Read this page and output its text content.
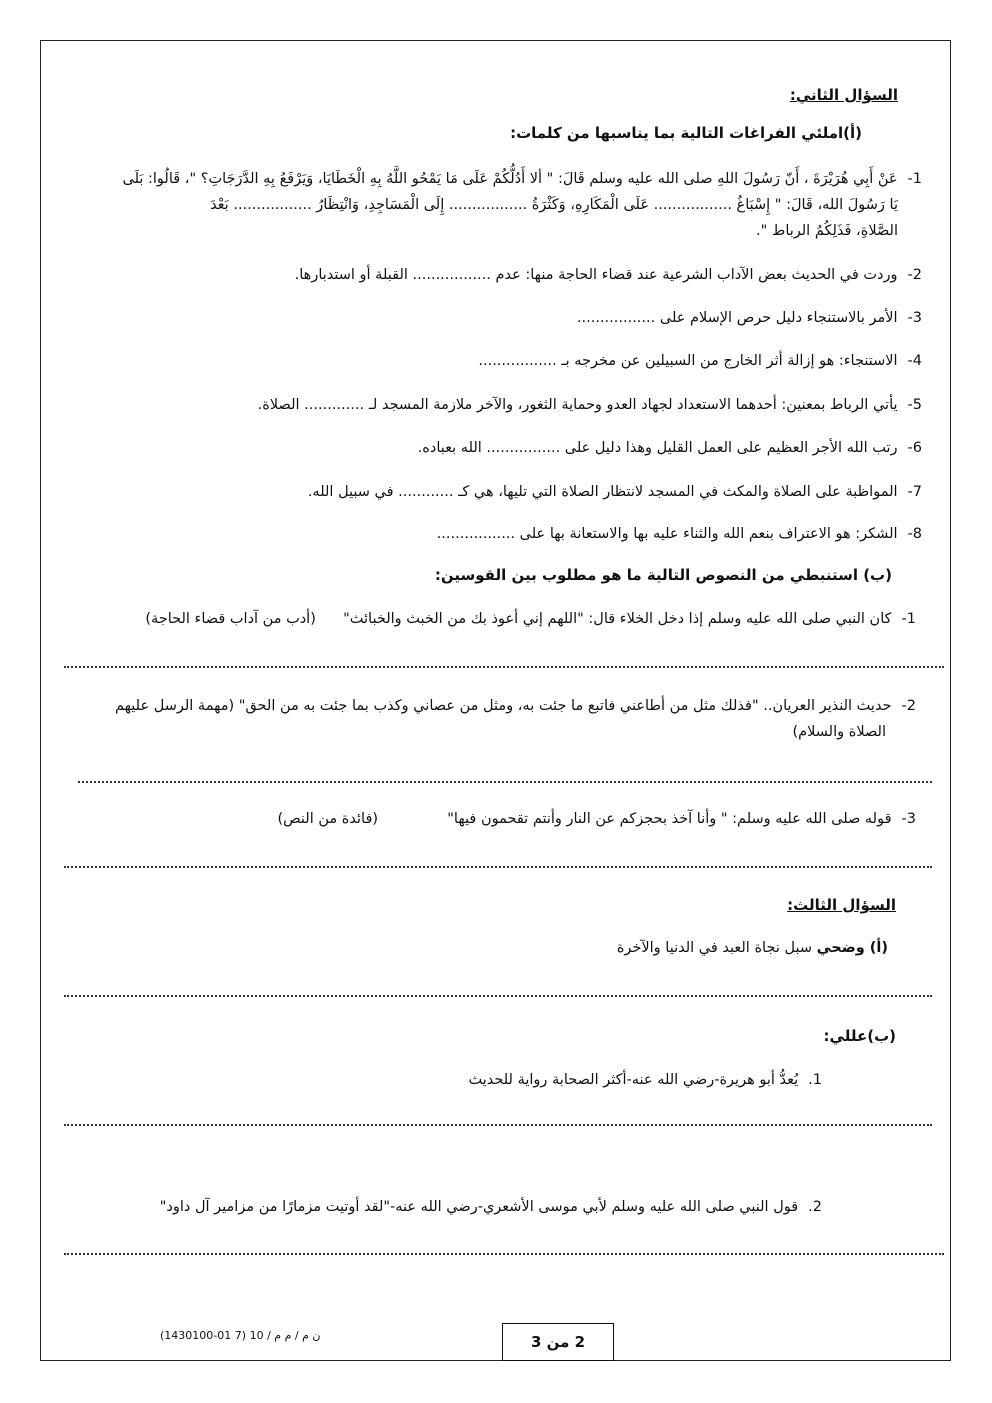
السؤال الثاني:
(أ)املئي الفراغات التالية بما يناسبها من كلمات:
1-عَنْ أَبِي هُرَيْرَةَ ، أَنّ رَسُولَ اللهِ صلى الله عليه وسلم قَالَ: " ألا أَدُلُّكُمْ عَلَى مَا يَمْحُو اللَّهُ بِهِ الْخَطَايَا، وَيَرْفَعُ بِهِ الدَّرَجَاتِ؟ "، قَالُوا: بَلَى
يَا رَسُولَ الله، قَالَ: " إِسْبَاغُ ................. عَلَى الْمَكَارِهِ، وَكَثْرَةُ ................. إِلَى الْمَسَاجِدِ، وَانْتِظَارُ ................. بَعْدَ
الصَّلاةِ، فَذَلِكُمُ الرباط ".
2-وردت في الحديث بعض الآداب الشرعية عند قضاء الحاجة منها: عدم ................. القبلة أو استدبارها.
3-الأمر بالاستنجاء دليل حرص الإسلام على .................
4-الاستنجاء: هو إزالة أثر الخارج من السبيلين عن مخرجه بـ .................
5-يأتي الرباط بمعنين: أحدهما الاستعداد لجهاد العدو وحماية الثغور، والآخر ملازمة المسجد لـ ............. الصلاة.
6-رتب الله الأجر العظيم على العمل القليل وهذا دليل على ................ الله بعباده.
7-المواظبة على الصلاة والمكث في المسجد لانتظار الصلاة التي تليها، هي كـ ............ في سبيل الله.
8-الشكر: هو الاعتراف بنعم الله والثناء عليه بها والاستعانة بها على .................
(ب) استنبطي من النصوص التالية ما هو مطلوب بين القوسين:
1-كان النبي صلى الله عليه وسلم إذا دخل الخلاء قال: "اللهم إني أعوذ بك من الخبث والخبائث"  (أدب من آداب قضاء الحاجة)
2-حديث النذير العريان.. "فذلك مثل من أطاعني فاتبع ما جئت به، ومثل من عصاني وكذب بما جئت به من الحق" (مهمة الرسل عليهم
الصلاة والسلام)
3-قوله صلى الله عليه وسلم: " وأنا آخذ بحجزكم عن النار وأنتم تقحمون فيها"  (فائدة من النص)
السؤال الثالث:
(أ) وضحي سبل نجاة العبد في الدنيا والآخرة
(ب)عللي:
1.يُعدُّ أبو هريرة-رضي الله عنه-أكثر الصحابة رواية للحديث
2.قول النبي صلى الله عليه وسلم لأبي موسى الأشعري-رضي الله عنه-"لقد أوتيت مزمارًا من مزامير آل داود"
2 من 3
ن م / م م / 10 (7 01-1430100)
